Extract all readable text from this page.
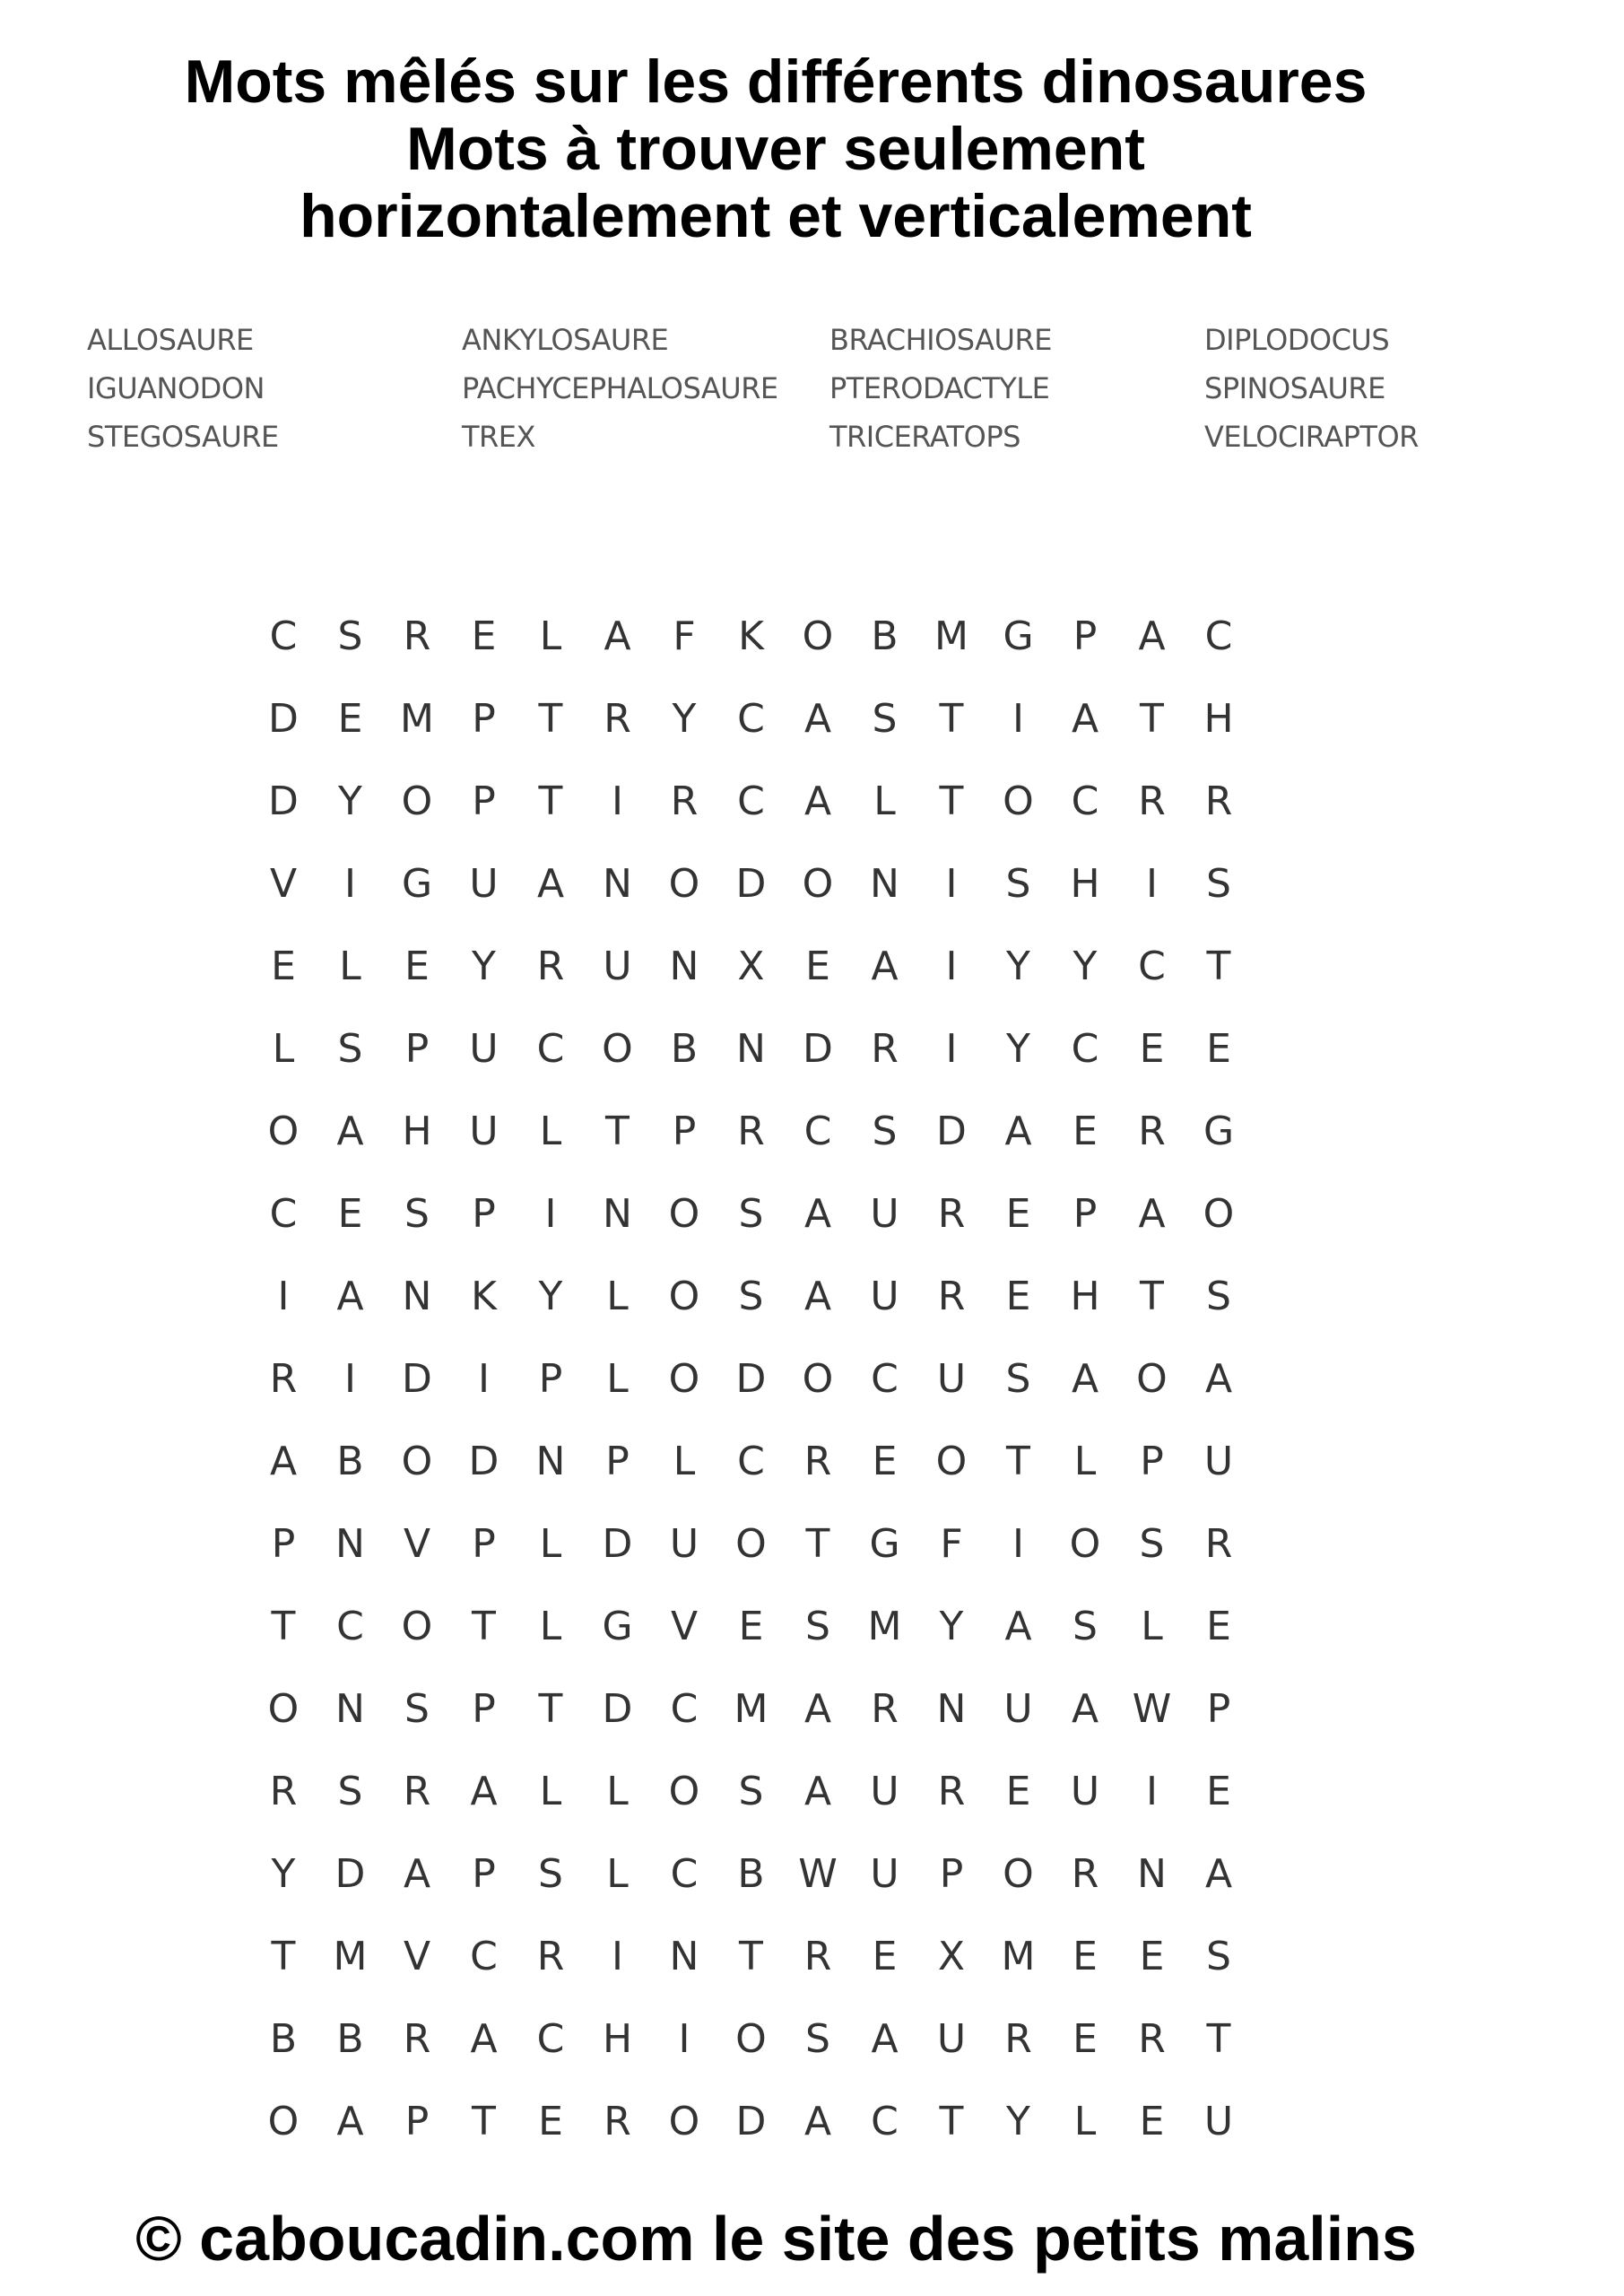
Mots mêlés sur les différents dinosaures
Mots à trouver seulement
horizontalement et verticalement
ALLOSAURE	ANKYLOSAURE	BRACHIOSAURE	DIPLODOCUS
IGUANODON	PACHYCEPHALOSAURE PTERODACTYLE	SPINOSAURE
STEGOSAURE	TREX	TRICERATOPS	VELOCIRAPTOR
C	S	R	E	L	A	F	K O B M G	P	A	C
D E M P	T	R	Y	C	A	S	T	I	A	T	H
D	Y O P	T	I	R C	A	L	T O C R R
V	I	G U A N O D O N	I	S H	I	S
E	L	E	Y	R U N X	E	A	I	Y	Y	C	T
L	S	P	U C O B N D R	I	Y	C	E	E
O A H U	L	T	P	R C	S D A	E	R G
C	E	S	P	I	N O S	A U R	E	P	A O
I	A N K	Y	L	O S	A U R	E	H	T	S
R	I	D	I	P	L	O D O C U	S	A O A
A	B O D N	P	L	C R	E O T	L	P	U
P	N V	P	L	D U O T	G	F	I	O S	R
T	C O T	L	G V	E	S M Y	A	S	L	E
O N	S	P	T	D C M A	R N U A W P
R	S	R	A	L	L	O S	A U R	E	U	I	E
Y	D A	P	S	L	C	B W U	P O R N A
T M V	C R	I	N	T	R	E	X M E	E	S
B	B	R	A	C H	I	O S	A U R	E	R	T
O A	P	T	E	R O D A	C	T	Y	L	E	U
© caboucadin.com le site des petits malins
